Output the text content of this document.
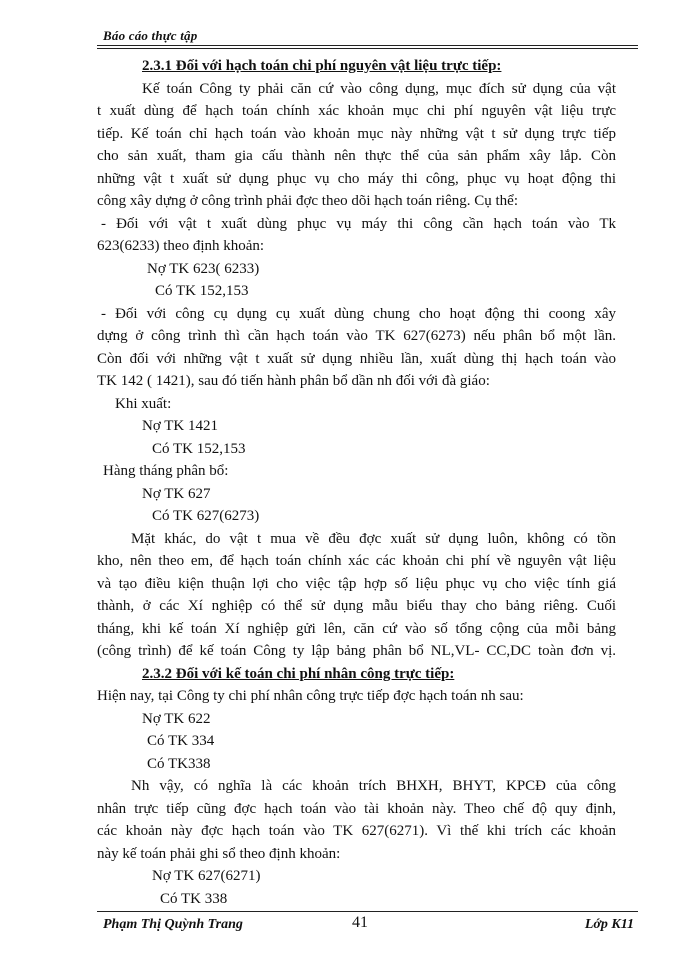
Báo cáo thực tập
2.3.1 Đối với hạch toán chi phí nguyên vật liệu trực tiếp:
Kế toán Công ty phải căn cứ vào công dụng, mục đích sử dụng của vật
t xuất dùng để hạch toán chính xác khoản mục chi phí nguyên vật liệu trực
tiếp. Kế toán chỉ hạch toán vào khoản mục này những vật t sử dụng trực tiếp
cho sản xuất, tham gia cấu thành nên thực thể của sản phẩm xây lắp. Còn
những vật t xuất sử dụng phục vụ cho máy thi công, phục vụ hoạt động thi
công xây dựng ở công trình phải đợc theo dõi hạch toán riêng. Cụ thể:
- Đối với vật t xuất dùng phục vụ máy thi công cần hạch toán vào Tk
623(6233) theo định khoản:
Nợ TK 623( 6233)
Có TK 152,153
- Đối với công cụ dụng cụ xuất dùng chung cho hoạt động thi coong xây
dựng ở công trình thì cần hạch toán vào TK 627(6273) nếu phân bổ một lần.
Còn đối với những vật t xuất sử dụng nhiều lần, xuất dùng thị hạch toán vào
TK 142 ( 1421), sau đó tiến hành phân bổ dần nh đối với đà giáo:
Khi xuất:
Nợ TK 1421
Có TK 152,153
Hàng tháng phân bổ:
Nợ TK 627
Có TK 627(6273)
Mặt khác, do vật t mua về đều đợc xuất sử dụng luôn, không có tồn
kho, nên theo em, để hạch toán chính xác các khoản chi phí về nguyên vật liệu
và tạo điều kiện thuận lợi cho việc tập hợp số liệu phục vụ cho việc tính giá
thành, ở các Xí nghiệp có thể sử dụng mẫu biểu thay cho bảng riêng. Cuối
tháng, khi kế toán Xí nghiệp gửi lên, căn cứ vào số tổng cộng của mỗi bảng
(công trình) để kế toán Công ty lập bảng phân bổ NL,VL- CC,DC toàn đơn vị.
2.3.2 Đối với kế toán chi phí nhân công trực tiếp:
Hiện nay, tại Công ty chi phí nhân công trực tiếp đợc hạch toán nh sau:
Nợ TK 622
Có TK 334
Có TK338
Nh vậy, có nghĩa là các khoản trích BHXH, BHYT, KPCĐ của công
nhân trực tiếp cũng đợc hạch toán vào tài khoản này. Theo chế độ quy định,
các khoản này đợc hạch toán vào TK 627(6271). Vì thế khi trích các khoản
này kế toán phải ghi sổ theo định khoản:
Nợ TK 627(6271)
Có TK 338
Phạm Thị Quỳnh Trang	41	Lớp K11
